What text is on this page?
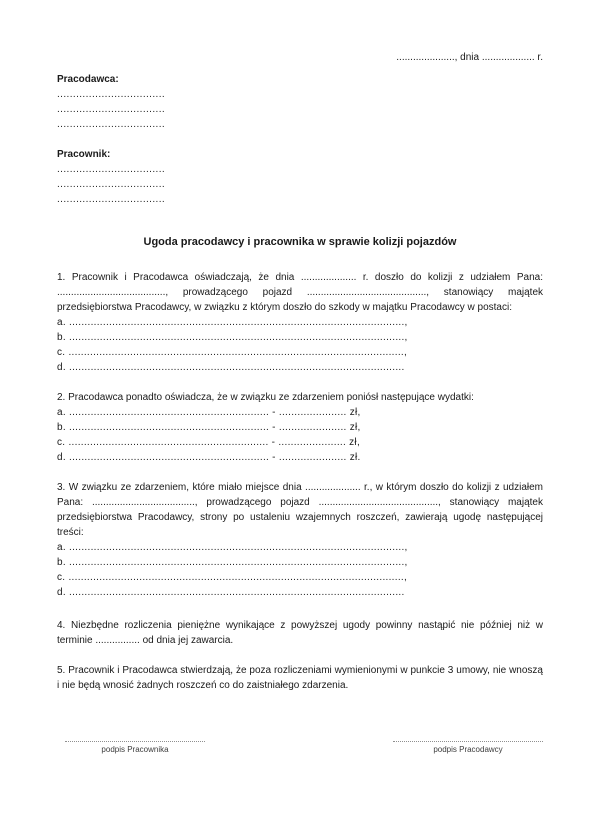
....................., dnia ................... r.
Pracodawca:
..................................
..................................
..................................
Pracownik:
..................................
..................................
..................................
Ugoda pracodawcy i pracownika w sprawie kolizji pojazdów
1. Pracownik i Pracodawca oświadczają, że dnia .................... r. doszło do kolizji z udziałem Pana: ......................................., prowadzącego pojazd ..........................................., stanowiący majątek przedsiębiorstwa Pracodawcy, w związku z którym doszło do szkody w majątku Pracodawcy w postaci:
a. .............................................................................................................,
b. .............................................................................................................,
c. .............................................................................................................,
d. .............................................................................................................
2. Pracodawca ponadto oświadcza, że w związku ze zdarzeniem poniósł następujące wydatki:
a. ................................................................. - ...................... zł,
b. ................................................................. - ...................... zł,
c. ................................................................. - ...................... zł,
d. ................................................................. - ...................... zł.
3. W związku ze zdarzeniem, które miało miejsce dnia .................... r., w którym doszło do kolizji z udziałem Pana: ....................................., prowadzącego pojazd ..........................................., stanowiący majątek przedsiębiorstwa Pracodawcy, strony po ustaleniu wzajemnych roszczeń, zawierają ugodę następującej treści:
a. .............................................................................................................,
b. .............................................................................................................,
c. .............................................................................................................,
d. .............................................................................................................
4. Niezbędne rozliczenia pieniężne wynikające z powyższej ugody powinny nastąpić nie później niż w terminie ................ od dnia jej zawarcia.
5. Pracownik i Pracodawca stwierdzają, że poza rozliczeniami wymienionymi w punkcie 3 umowy, nie wnoszą i nie będą wnosić żadnych roszczeń co do zaistniałego zdarzenia.
podpis Pracownika	podpis Pracodawcy
